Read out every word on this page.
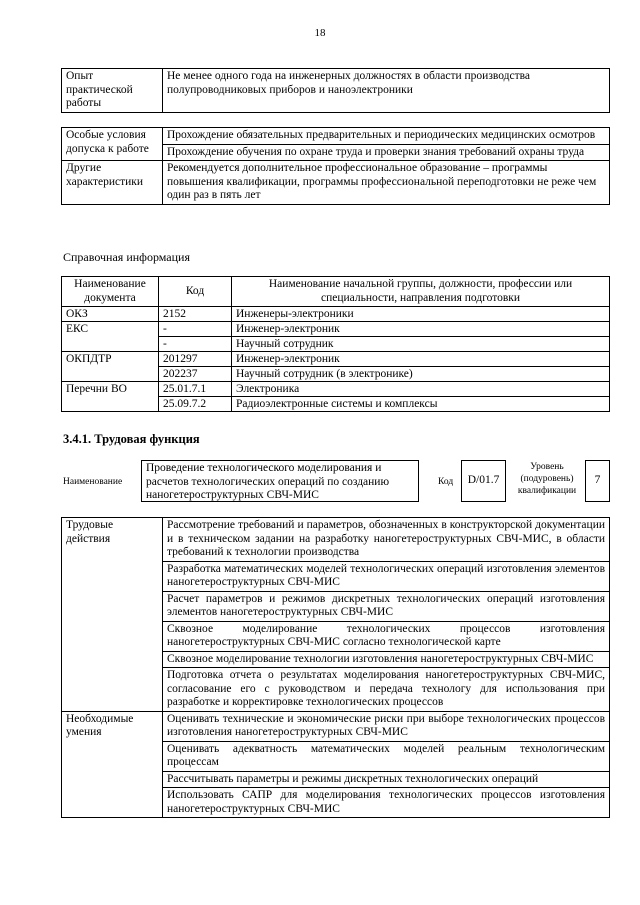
18
Опыт практической работы	Не менее одного года на инженерных должностях в области производства полупроводниковых приборов и наноэлектроники
Особые условия допуска к работе	Прохождение обязательных предварительных и периодических медицинских осмотров
	Прохождение обучения по охране труда и проверки знания требований охраны труда
Другие характеристики	Рекомендуется дополнительное профессиональное образование – программы повышения квалификации, программы профессиональной переподготовки не реже чем один раз в пять лет
Справочная информация
Наименование документа	Код	Наименование начальной группы, должности, профессии или специальности, направления подготовки
ОКЗ	2152	Инженеры-электроники
ЕКС	-	Инженер-электроник
	-	Научный сотрудник
ОКПДТР	201297	Инженер-электроник
	202237	Научный сотрудник (в электронике)
Перечни ВО	25.01.7.1	Электроника
	25.09.7.2	Радиоэлектронные системы и комплексы
3.4.1. Трудовая функция
Наименование
Проведение технологического моделирования и расчетов технологических операций по созданию наногетероструктурных СВЧ-МИС
Код	D/01.7
Уровень (подуровень) квалификации
7
Трудовые действия	Рассмотрение требований и параметров, обозначенных в конструкторской документации и в техническом задании на разработку наногетероструктурных СВЧ-МИС, в области требований к технологии производства
	Разработка математических моделей технологических операций изготовления элементов наногетероструктурных СВЧ-МИС
	Расчет параметров и режимов дискретных технологических операций изготовления элементов наногетероструктурных СВЧ-МИС
	Сквозное моделирование технологических процессов изготовления наногетероструктурных СВЧ-МИС согласно технологической карте
	Сквозное моделирование технологии изготовления наногетероструктурных СВЧ-МИС
	Подготовка отчета о результатах моделирования наногетероструктурных СВЧ-МИС, согласование его с руководством и передача технологу для использования при разработке и корректировке технологических процессов
Необходимые умения	Оценивать технические и экономические риски при выборе технологических процессов изготовления наногетероструктурных СВЧ-МИС
	Оценивать адекватность математических моделей реальным технологическим процессам
	Рассчитывать параметры и режимы дискретных технологических операций
	Использовать САПР для моделирования технологических процессов изготовления наногетероструктурных СВЧ-МИС
